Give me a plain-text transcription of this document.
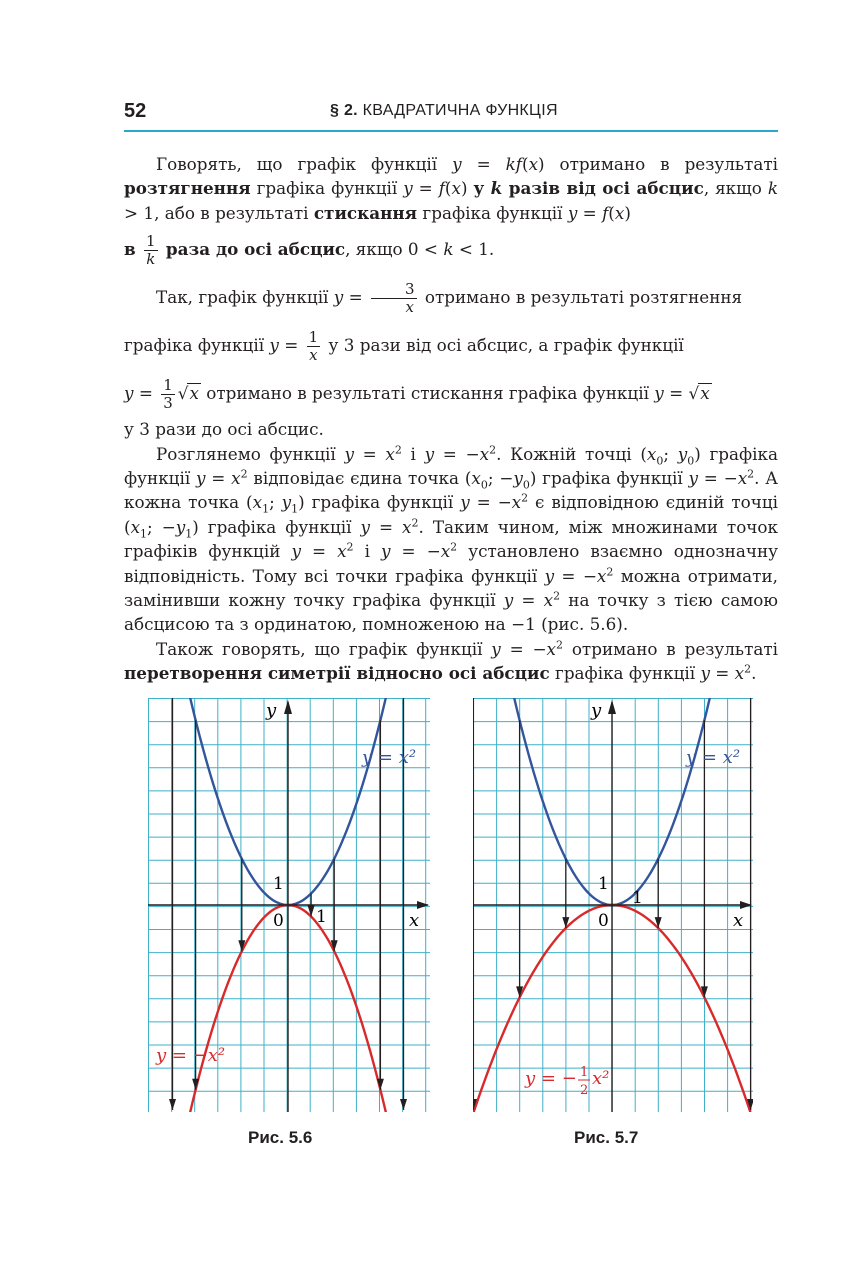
52	§ 2. КВАДРАТИЧНА ФУНКЦІЯ

Говорять, що графік функції y = kf(x) отримано в результаті розтягнення графіка функції y = f(x) у k разів від осі абсцис, якщо k > 1, або в результаті стискання графіка функції y = f(x)

в $\frac{1}{k}$ раза до осі абсцис, якщо 0 < k < 1.

Так, графік функції $y = \frac{3}{x}$ отримано в результаті розтягнення

графіка функції $y = \frac{1}{x}$ у 3 рази від осі абсцис, а графік функції

$y = \frac{1}{3} √x$ отримано в результаті стискання графіка функції y = √x

у 3 рази до осі абсцис.

Розглянемо функції $y = x^2$ і $y = -x^2$. Кожній точці ($x_0$; $y_0$) графіка функції $y = x^2$ відповідає єдина точка ($x_0$; $-y_0$) графіка функції $y = -x^2$. А кожна точка ($x_1$; $y_1$) графіка функції $y = -x^2$ є відповідною єдиній точці ($x_1$; $-y_1$) графіка функції $y = x^2$. Таким чином, між множинами точок графіків функцій $y = x^2$ і $y = -x^2$ установлено взаємно однозначну відповідність. Тому всі точки графіка функції $y = -x^2$ можна отримати, замінивши кожну точку графіка функції $y = x^2$ на точку з тією самою абсцисою та з ординатою, помноженою на −1 (рис. 5.6).

Також говорять, що графік функції $y = -x^2$ отримано в результаті перетворення симетрії відносно осі абсцис графіка функції $y = x^2$.

y
x
0
1
1
y = x²
y = −x²
Рис. 5.6
y
x
0
1
1
y = x²
y = − 1
2
x²
Рис. 5.7
